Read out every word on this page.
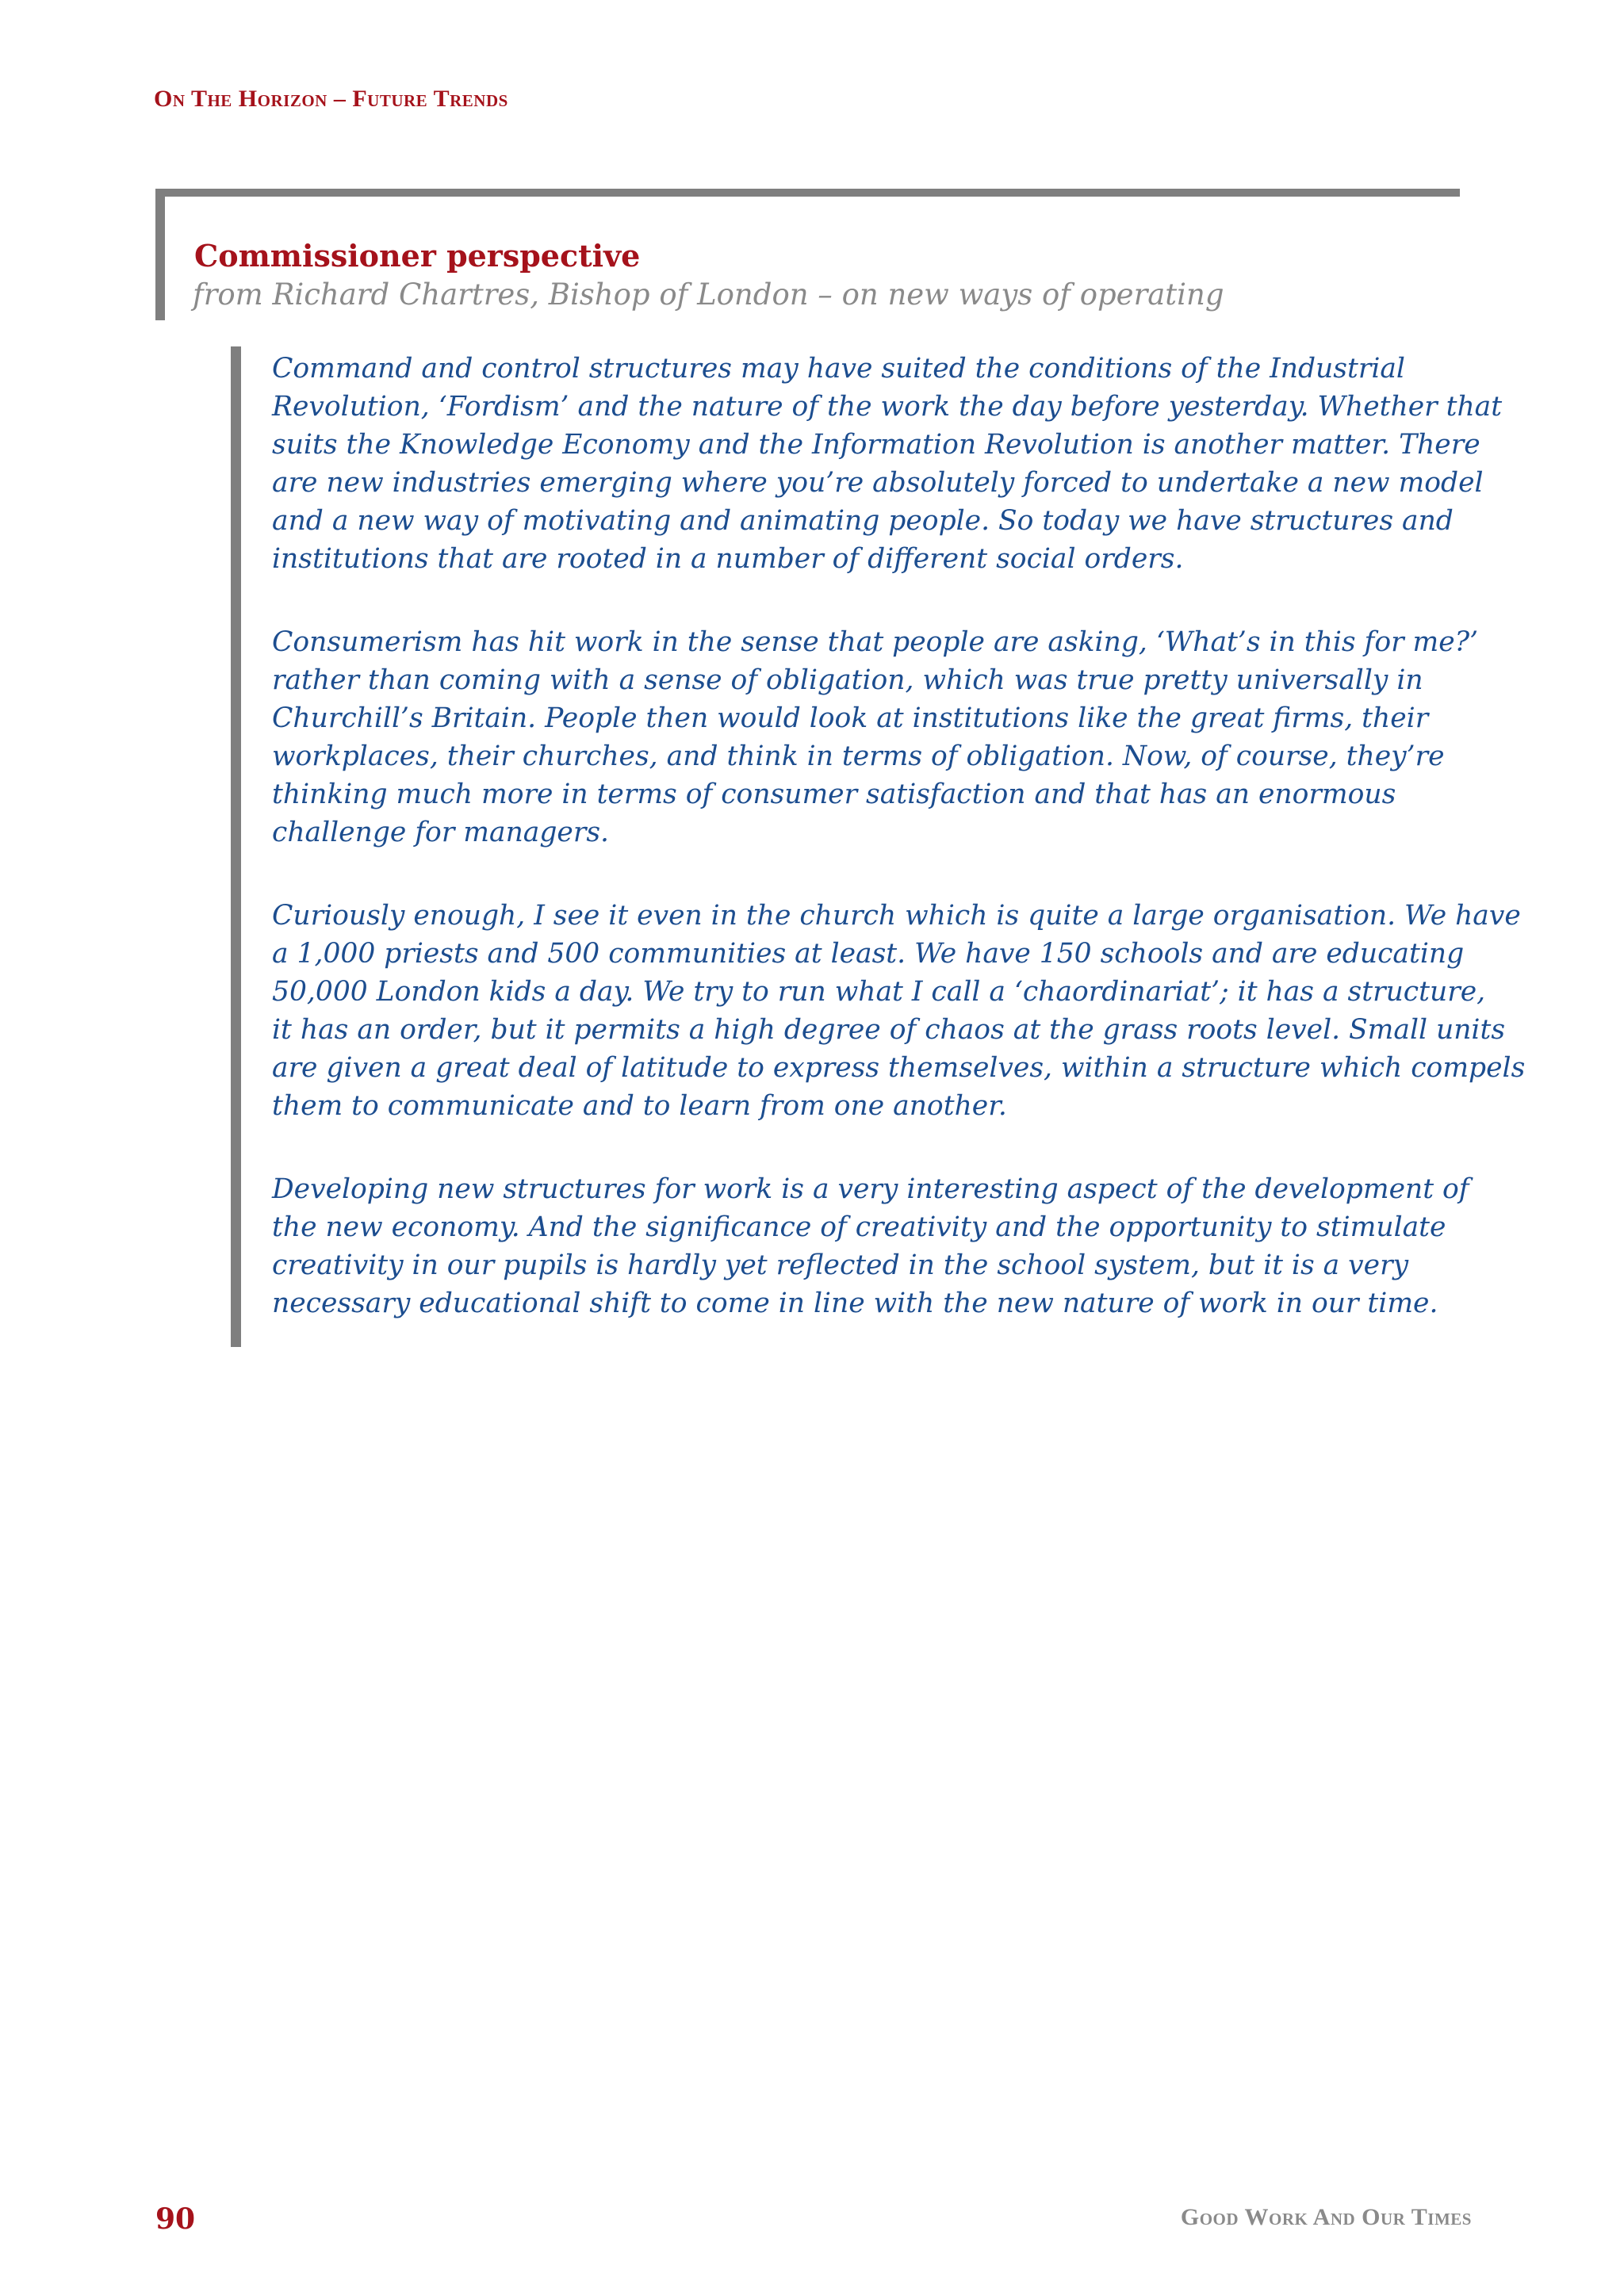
On The Horizon – Future Trends
Commissioner perspective
from Richard Chartres, Bishop of London – on new ways of operating
Command and control structures may have suited the conditions of the Industrial
Revolution, ‘Fordism’ and the nature of the work the day before yesterday. Whether that
suits the Knowledge Economy and the Information Revolution is another matter. There
are new industries emerging where you’re absolutely forced to undertake a new model
and a new way of motivating and animating people. So today we have structures and
institutions that are rooted in a number of different social orders.
Consumerism has hit work in the sense that people are asking, ‘What’s in this for me?’
rather than coming with a sense of obligation, which was true pretty universally in
Churchill’s Britain. People then would look at institutions like the great firms, their
workplaces, their churches, and think in terms of obligation. Now, of course, they’re
thinking much more in terms of consumer satisfaction and that has an enormous
challenge for managers.
Curiously enough, I see it even in the church which is quite a large organisation. We have
a 1,000 priests and 500 communities at least. We have 150 schools and are educating
50,000 London kids a day. We try to run what I call a ‘chaordinariat’; it has a structure,
it has an order, but it permits a high degree of chaos at the grass roots level. Small units
are given a great deal of latitude to express themselves, within a structure which compels
them to communicate and to learn from one another.
Developing new structures for work is a very interesting aspect of the development of
the new economy. And the significance of creativity and the opportunity to stimulate
creativity in our pupils is hardly yet reflected in the school system, but it is a very
necessary educational shift to come in line with the new nature of work in our time.
90	Good Work And Our Times
